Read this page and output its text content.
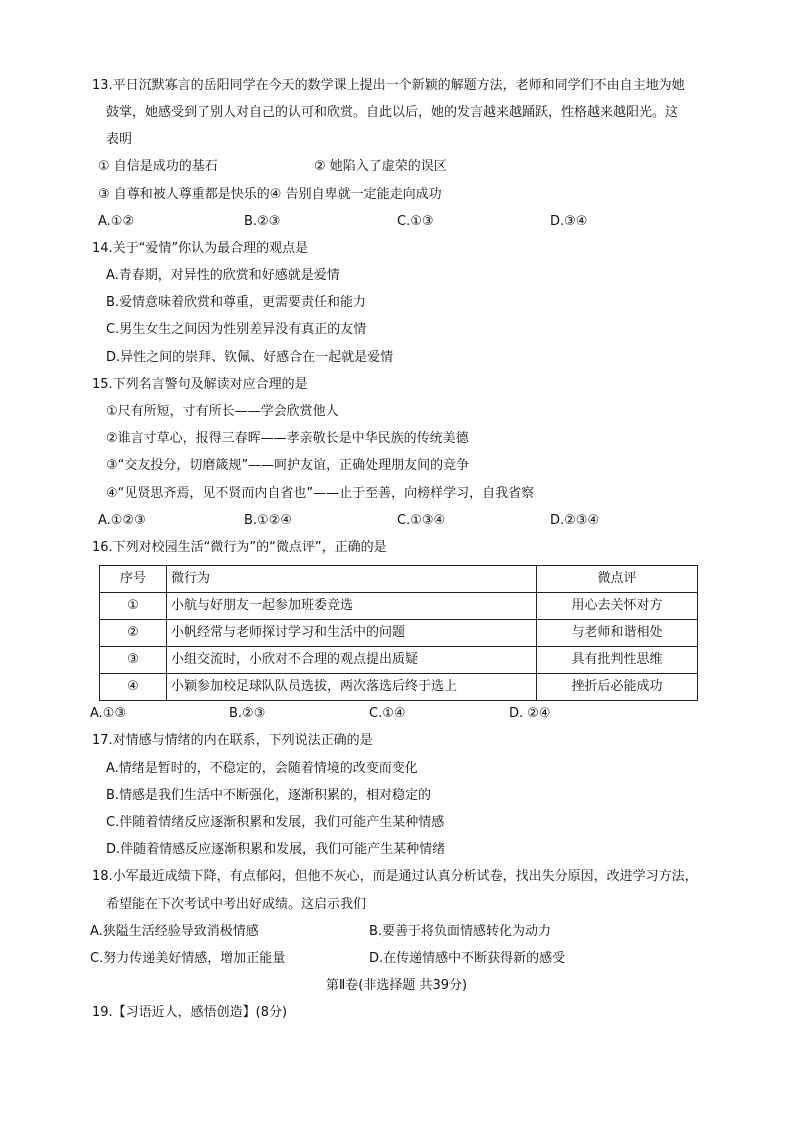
13.平日沉默寡言的岳阳同学在今天的数学课上提出一个新颖的解题方法，老师和同学们不由自主地为她
鼓掌，她感受到了别人对自己的认可和欣赏。自此以后，她的发言越来越踊跃，性格越来越阳光。这
表明
① 自信是成功的基石	② 她陷入了虚荣的误区
③ 自尊和被人尊重都是快乐的④ 告别自卑就一定能走向成功
A.①②	B.②③	C.①③	D.③④
14.关于“爱情”你认为最合理的观点是
A.青春期，对异性的欣赏和好感就是爱情
B.爱情意味着欣赏和尊重，更需要责任和能力
C.男生女生之间因为性别差异没有真正的友情
D.异性之间的崇拜、钦佩、好感合在一起就是爱情
15.下列名言警句及解读对应合理的是
①尺有所短，寸有所长——学会欣赏他人
②谁言寸草心，报得三春晖——孝亲敬长是中华民族的传统美德
③“交友投分，切磨箴规”——呵护友谊，正确处理朋友间的竞争
④“见贤思齐焉，见不贤而内自省也”——止于至善，向榜样学习，自我省察
A.①②③	B.①②④	C.①③④	D.②③④
16.下列对校园生活“微行为”的“微点评”，正确的是
序号	微行为	微点评
①	小航与好朋友一起参加班委竞选	用心去关怀对方
②	小帆经常与老师探讨学习和生活中的问题	与老师和谐相处
③	小组交流时，小欣对不合理的观点提出质疑	具有批判性思维
④	小颖参加校足球队队员选拔，两次落选后终于选上	挫折后必能成功
A.①③	B.②③	C.①④	D. ②④
17.对情感与情绪的内在联系，下列说法正确的是
A.情绪是暂时的，不稳定的，会随着情境的改变而变化
B.情感是我们生活中不断强化，逐渐积累的，相对稳定的
C.伴随着情绪反应逐渐积累和发展，我们可能产生某种情感
D.伴随着情感反应逐渐积累和发展，我们可能产生某种情绪
18.小军最近成绩下降，有点郁闷，但他不灰心，而是通过认真分析试卷，找出失分原因，改进学习方法，
希望能在下次考试中考出好成绩。这启示我们
A.狭隘生活经验导致消极情感	B.要善于将负面情感转化为动力
C.努力传递美好情感，增加正能量	D.在传递情感中不断获得新的感受
第Ⅱ卷(非选择题 共39分)
19.【习语近人，感悟创造】(8分)
